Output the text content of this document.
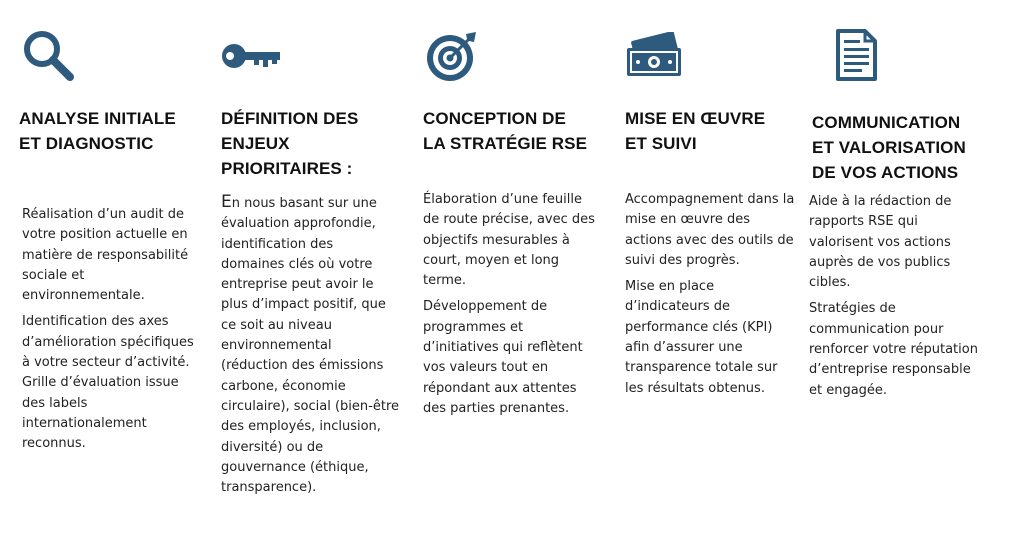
ANALYSE INITIALE
ET DIAGNOSTIC

Réalisation d’un audit de votre position actuelle en matière de responsabilité sociale et environnementale.

Identification des axes d’amélioration spécifiques à votre secteur d’activité. Grille d’évaluation issue des labels internationalement reconnus.

DÉFINITION DES
ENJEUX
PRIORITAIRES :

En nous basant sur une évaluation approfondie, identification des domaines clés où votre entreprise peut avoir le plus d’impact positif, que ce soit au niveau environnemental (réduction des émissions carbone, économie circulaire), social (bien-être des employés, inclusion, diversité) ou de gouvernance (éthique, transparence).

CONCEPTION DE
LA STRATÉGIE RSE

Élaboration d’une feuille de route précise, avec des objectifs mesurables à court, moyen et long terme.

Développement de programmes et d’initiatives qui reflètent vos valeurs tout en répondant aux attentes des parties prenantes.

MISE EN ŒUVRE
ET SUIVI

Accompagnement dans la mise en œuvre des actions avec des outils de suivi des progrès.

Mise en place d’indicateurs de performance clés (KPI) afin d’assurer une transparence totale sur les résultats obtenus.

COMMUNICATION
ET VALORISATION
DE VOS ACTIONS

Aide à la rédaction de rapports RSE qui valorisent vos actions auprès de vos publics cibles.

Stratégies de communication pour renforcer votre réputation d’entreprise responsable et engagée.
